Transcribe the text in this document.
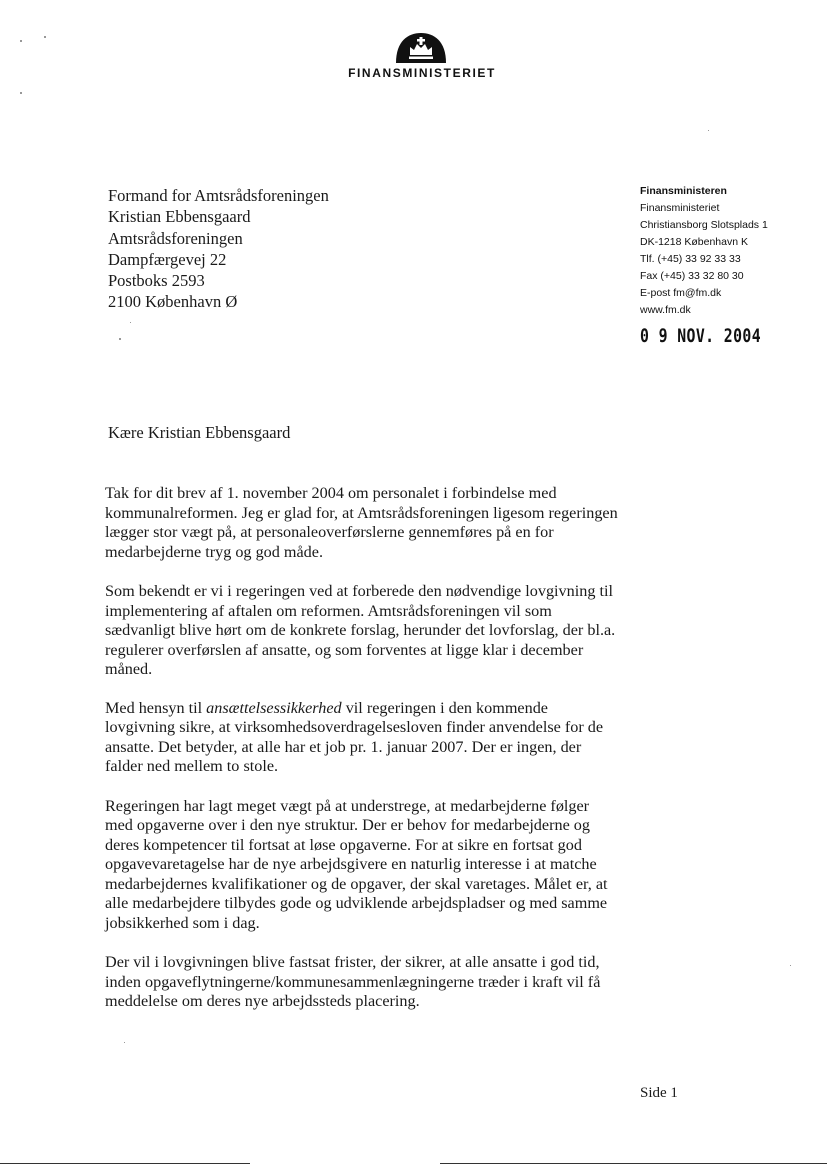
FINANSMINISTERIET
Formand for Amtsrådsforeningen
Kristian Ebbensgaard
Amtsrådsforeningen
Dampfærgevej 22
Postboks 2593
2100 København Ø
Finansministeren
Finansministeriet
Christiansborg Slotsplads 1
DK-1218 København K
Tlf. (+45) 33 92 33 33
Fax (+45) 33 32 80 30
E-post fm@fm.dk
www.fm.dk
0 9 NOV. 2004
Kære Kristian Ebbensgaard

Tak for dit brev af 1. november 2004 om personalet i forbindelse med kommunalreformen. Jeg er glad for, at Amtsrådsforeningen ligesom regeringen lægger stor vægt på, at personaleoverførslerne gennemføres på en for medarbejderne tryg og god måde.

Som bekendt er vi i regeringen ved at forberede den nødvendige lovgivning til implementering af aftalen om reformen. Amtsrådsforeningen vil som sædvanligt blive hørt om de konkrete forslag, herunder det lovforslag, der bl.a. regulerer overførslen af ansatte, og som forventes at ligge klar i december måned.

Med hensyn til ansættelsessikkerhed vil regeringen i den kommende lovgivning sikre, at virksomhedsoverdragelsesloven finder anvendelse for de ansatte. Det betyder, at alle har et job pr. 1. januar 2007. Der er ingen, der falder ned mellem to stole.

Regeringen har lagt meget vægt på at understrege, at medarbejderne følger med opgaverne over i den nye struktur. Der er behov for medarbejderne og deres kompetencer til fortsat at løse opgaverne. For at sikre en fortsat god opgavevaretagelse har de nye arbejdsgivere en naturlig interesse i at matche medarbejdernes kvalifikationer og de opgaver, der skal varetages. Målet er, at alle medarbejdere tilbydes gode og udviklende arbejdspladser og med samme jobsikkerhed som i dag.

Der vil i lovgivningen blive fastsat frister, der sikrer, at alle ansatte i god tid, inden opgaveflytningerne/kommunesammenlægningerne træder i kraft vil få meddelelse om deres nye arbejdssteds placering.

Side 1
